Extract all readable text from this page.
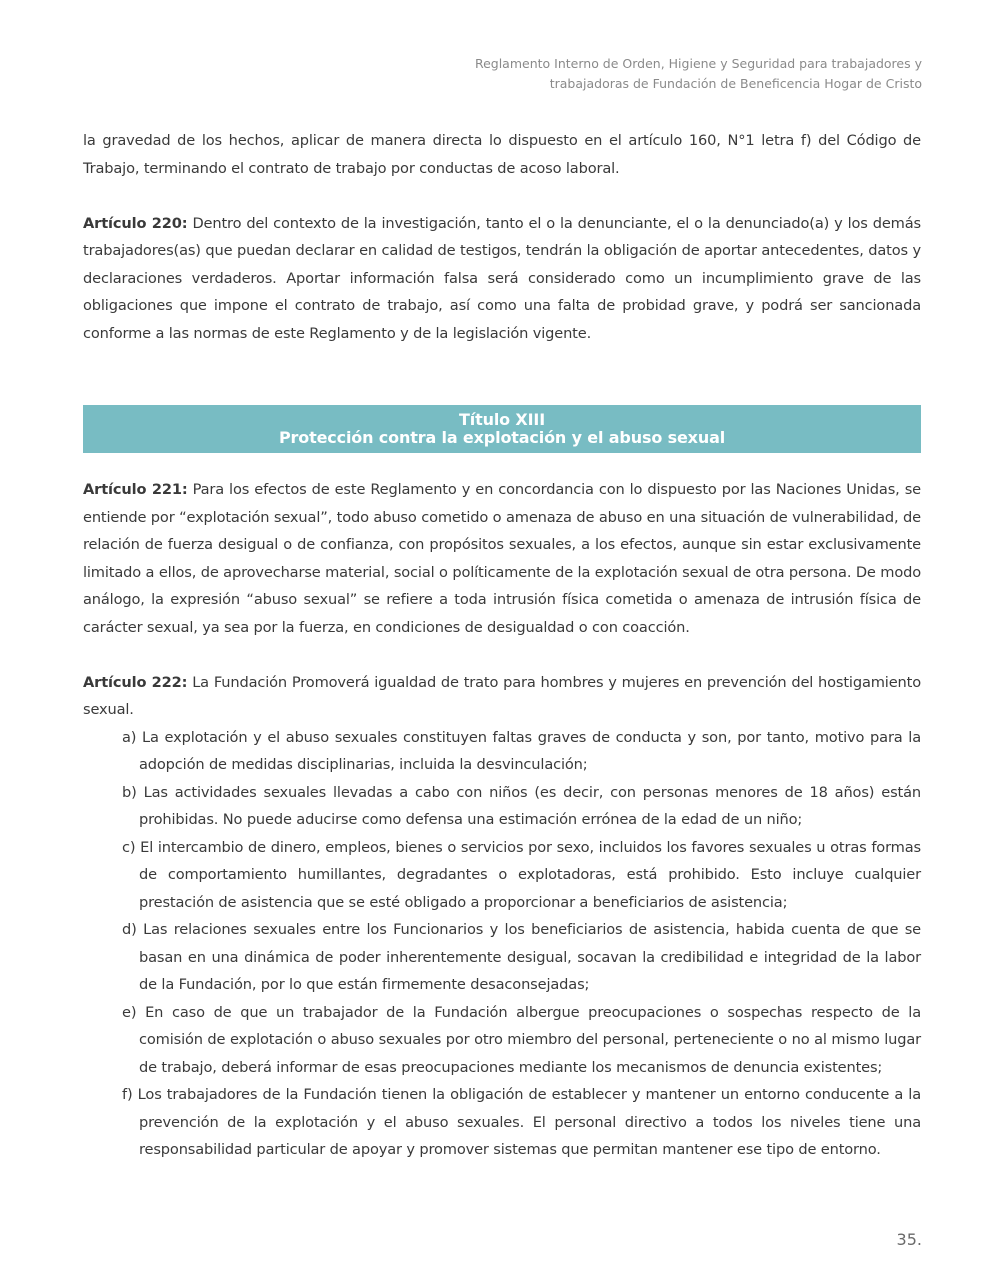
Reglamento Interno de Orden, Higiene y Seguridad para trabajadores y
trabajadoras de Fundación de Beneficencia Hogar de Cristo

la gravedad de los hechos, aplicar de manera directa lo dispuesto en el artículo 160, N°1 letra f) del Código de Trabajo, terminando el contrato de trabajo por conductas de acoso laboral.

Artículo 220: Dentro del contexto de la investigación, tanto el o la denunciante, el o la denunciado(a) y los demás trabajadores(as) que puedan declarar en calidad de testigos, tendrán la obligación de aportar antecedentes, datos y declaraciones verdaderos. Aportar información falsa será considerado como un incumplimiento grave de las obligaciones que impone el contrato de trabajo, así como una falta de probidad grave, y podrá ser sancionada conforme a las normas de este Reglamento y de la legislación vigente.

Título XIII
Protección contra la explotación y el abuso sexual

Artículo 221: Para los efectos de este Reglamento y en concordancia con lo dispuesto por las Naciones Unidas, se entiende por “explotación sexual”, todo abuso cometido o amenaza de abuso en una situación de vulnerabilidad, de relación de fuerza desigual o de confianza, con propósitos sexuales, a los efectos, aunque sin estar exclusivamente limitado a ellos, de aprovecharse material, social o políticamente de la explotación sexual de otra persona. De modo análogo, la expresión “abuso sexual” se refiere a toda intrusión física cometida o amenaza de intrusión física de carácter sexual, ya sea por la fuerza, en condiciones de desigualdad o con coacción.

Artículo 222: La Fundación Promoverá igualdad de trato para hombres y mujeres en prevención del hostigamiento sexual.

a) La explotación y el abuso sexuales constituyen faltas graves de conducta y son, por tanto, motivo para la adopción de medidas disciplinarias, incluida la desvinculación;
b) Las actividades sexuales llevadas a cabo con niños (es decir, con personas menores de 18 años) están prohibidas. No puede aducirse como defensa una estimación errónea de la edad de un niño;
c) El intercambio de dinero, empleos, bienes o servicios por sexo, incluidos los favores sexuales u otras formas de comportamiento humillantes, degradantes o explotadoras, está prohibido. Esto incluye cualquier prestación de asistencia que se esté obligado a proporcionar a beneficiarios de asistencia;
d) Las relaciones sexuales entre los Funcionarios y los beneficiarios de asistencia, habida cuenta de que se basan en una dinámica de poder inherentemente desigual, socavan la credibilidad e integridad de la labor de la Fundación, por lo que están firmemente desaconsejadas;
e) En caso de que un trabajador de la Fundación albergue preocupaciones o sospechas respecto de la comisión de explotación o abuso sexuales por otro miembro del personal, perteneciente o no al mismo lugar de trabajo, deberá informar de esas preocupaciones mediante los mecanismos de denuncia existentes;
f) Los trabajadores de la Fundación tienen la obligación de establecer y mantener un entorno conducente a la prevención de la explotación y el abuso sexuales. El personal directivo a todos los niveles tiene una responsabilidad particular de apoyar y promover sistemas que permitan mantener ese tipo de entorno.
35.
